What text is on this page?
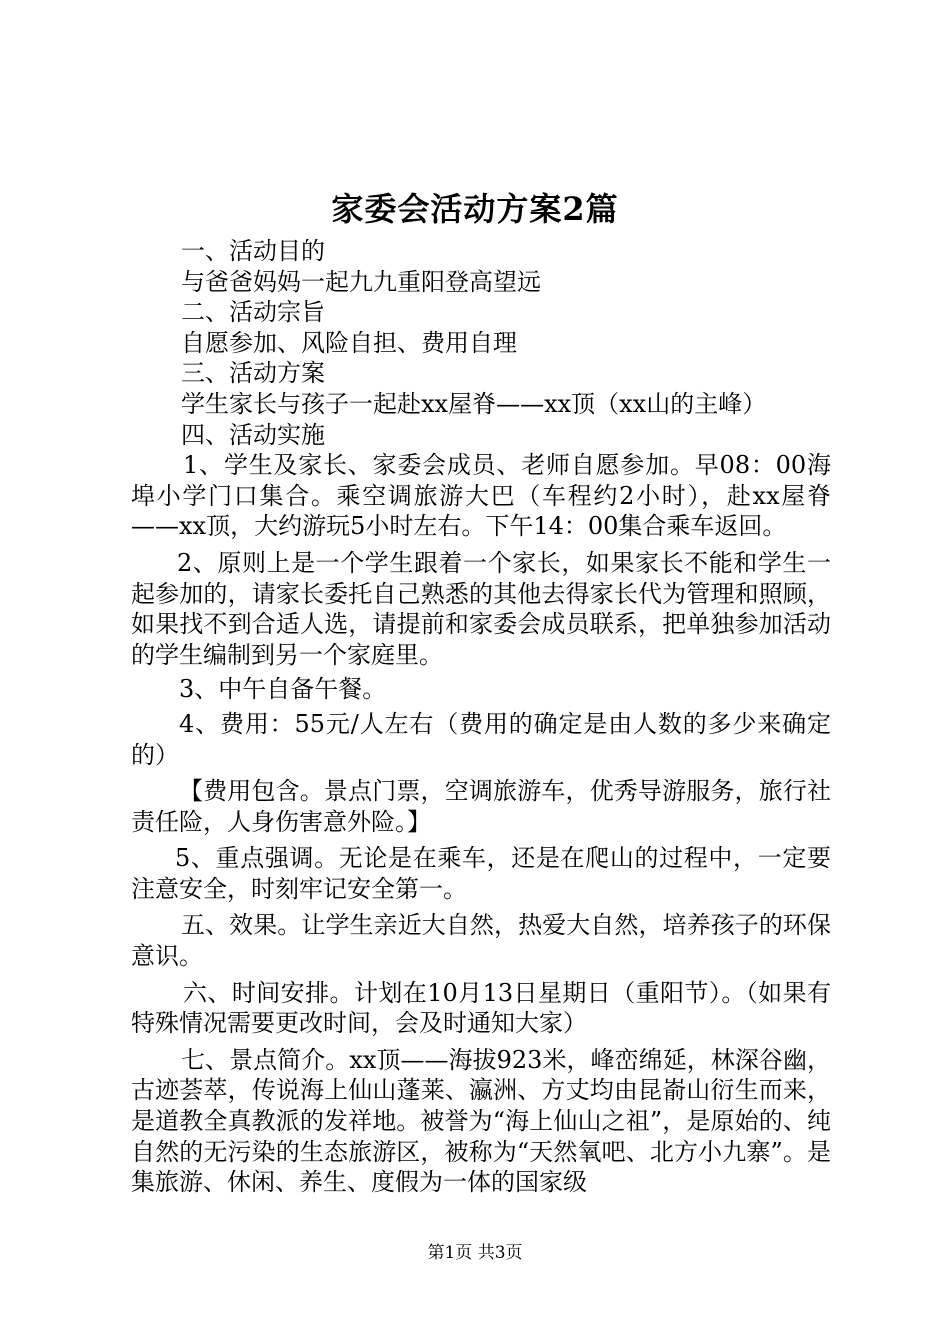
家委会活动方案2篇

一、活动目的

与爸爸妈妈一起九九重阳登高望远

二、活动宗旨

自愿参加、风险自担、费用自理

三、活动方案

学生家长与孩子一起赴xx屋脊——xx顶（xx山的主峰）

四、活动实施

1、学生及家长、家委会成员、老师自愿参加。早08：00海埠小学门口集合。乘空调旅游大巴（车程约2小时），赴xx屋脊——xx顶，大约游玩5小时左右。下午14：00集合乘车返回。

2、原则上是一个学生跟着一个家长，如果家长不能和学生一起参加的，请家长委托自己熟悉的其他去得家长代为管理和照顾，如果找不到合适人选，请提前和家委会成员联系，把单独参加活动的学生编制到另一个家庭里。

3、中午自备午餐。

4、费用：55元/人左右（费用的确定是由人数的多少来确定的）

【费用包含。景点门票，空调旅游车，优秀导游服务，旅行社责任险，人身伤害意外险。】

5、重点强调。无论是在乘车，还是在爬山的过程中，一定要注意安全，时刻牢记安全第一。

五、效果。让学生亲近大自然，热爱大自然，培养孩子的环保意识。

六、时间安排。计划在10月13日星期日（重阳节）。（如果有特殊情况需要更改时间，会及时通知大家）

七、景点简介。xx顶——海拔923米，峰峦绵延，林深谷幽，古迹荟萃，传说海上仙山蓬莱、瀛洲、方丈均由昆嵛山衍生而来，是道教全真教派的发祥地。被誉为“海上仙山之祖”，是原始的、纯自然的无污染的生态旅游区，被称为“天然氧吧、北方小九寨”。是集旅游、休闲、养生、度假为一体的国家级

第1页 共3页
